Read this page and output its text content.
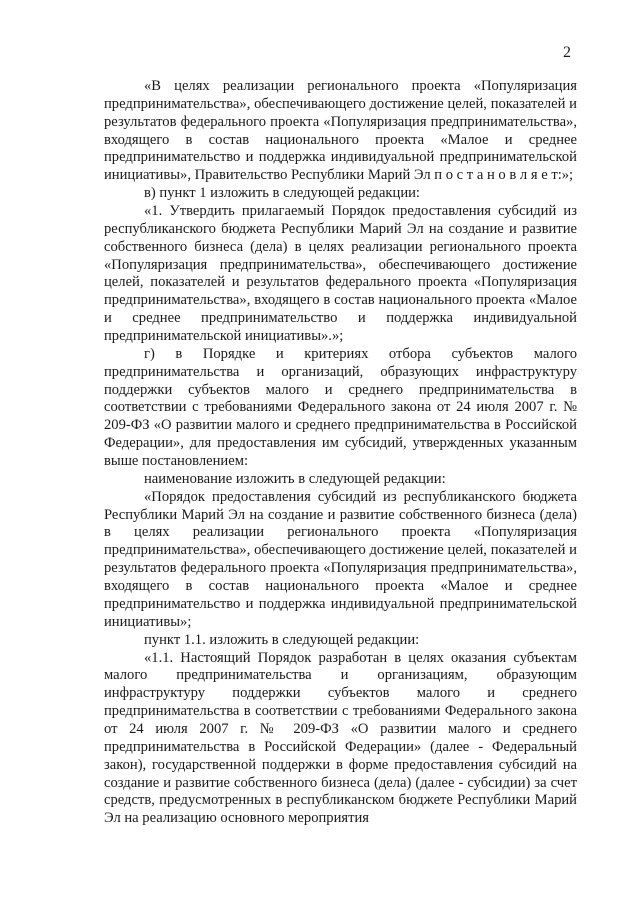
2

«В целях реализации регионального проекта «Популяризация предпринимательства», обеспечивающего достижение целей, показателей и результатов федерального проекта «Популяризация предпринимательства», входящего в состав национального проекта «Малое и среднее предпринимательство и поддержка индивидуальной предпринимательской инициативы», Правительство Республики Марий Эл п о с т а н о в л я е т:»;

в) пункт 1 изложить в следующей редакции:

«1. Утвердить прилагаемый Порядок предоставления субсидий из республиканского бюджета Республики Марий Эл на создание и развитие собственного бизнеса (дела) в целях реализации регионального проекта «Популяризация предпринимательства», обеспечивающего достижение целей, показателей и результатов федерального проекта «Популяризация предпринимательства», входящего в состав национального проекта «Малое и среднее предпринимательство и поддержка индивидуальной предпринимательской инициативы».»;

г) в Порядке и критериях отбора субъектов малого предпринимательства и организаций, образующих инфраструктуру поддержки субъектов малого и среднего предпринимательства в соответствии с требованиями Федерального закона от 24 июля 2007 г. № 209-ФЗ «О развитии малого и среднего предпринимательства в Российской Федерации», для предоставления им субсидий, утвержденных указанным выше постановлением:

наименование изложить в следующей редакции:

«Порядок предоставления субсидий из республиканского бюджета Республики Марий Эл на создание и развитие собственного бизнеса (дела) в целях реализации регионального проекта «Популяризация предпринимательства», обеспечивающего достижение целей, показателей и результатов федерального проекта «Популяризация предпринимательства», входящего в состав национального проекта «Малое и среднее предпринимательство и поддержка индивидуальной предпринимательской инициативы»;

пункт 1.1. изложить в следующей редакции:

«1.1. Настоящий Порядок разработан в целях оказания субъектам малого предпринимательства и организациям, образующим инфраструктуру поддержки субъектов малого и среднего предпринимательства в соответствии с требованиями Федерального закона от 24 июля 2007 г. № 209-ФЗ «О развитии малого и среднего предпринимательства в Российской Федерации» (далее - Федеральный закон), государственной поддержки в форме предоставления субсидий на создание и развитие собственного бизнеса (дела) (далее - субсидии) за счет средств, предусмотренных в республиканском бюджете Республики Марий Эл на реализацию основного мероприятия
